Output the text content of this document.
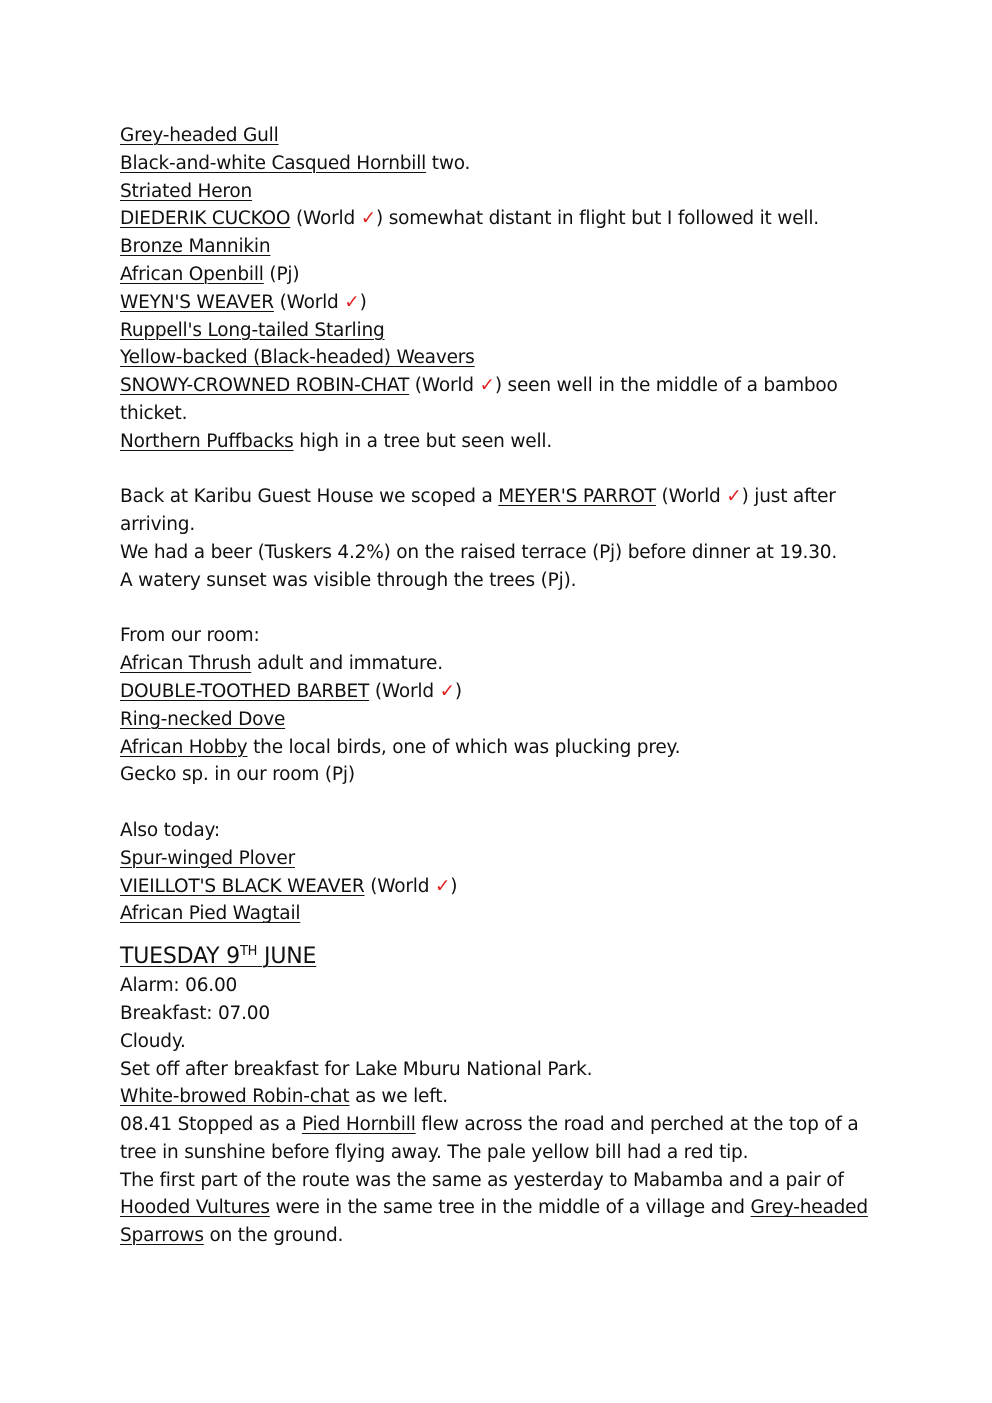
Grey-headed Gull
Black-and-white Casqued Hornbill two.
Striated Heron
DIEDERIK CUCKOO (World ✓) somewhat distant in flight but I followed it well.
Bronze Mannikin
African Openbill (Pj)
WEYN'S WEAVER (World ✓)
Ruppell's Long-tailed Starling
Yellow-backed (Black-headed) Weavers
SNOWY-CROWNED ROBIN-CHAT (World ✓) seen well in the middle of a bamboo thicket.
Northern Puffbacks high in a tree but seen well.
Back at Karibu Guest House we scoped a MEYER'S PARROT (World ✓) just after arriving.
We had a beer (Tuskers 4.2%) on the raised terrace (Pj) before dinner at 19.30.
A watery sunset was visible through the trees (Pj).
From our room:
African Thrush adult and immature.
DOUBLE-TOOTHED BARBET (World ✓)
Ring-necked Dove
African Hobby the local birds, one of which was plucking prey.
Gecko sp. in our room (Pj)
Also today:
Spur-winged Plover
VIEILLOT'S BLACK WEAVER (World ✓)
African Pied Wagtail
TUESDAY 9TH JUNE
Alarm: 06.00
Breakfast: 07.00
Cloudy.
Set off after breakfast for Lake Mburu National Park.
White-browed Robin-chat as we left.
08.41 Stopped as a Pied Hornbill flew across the road and perched at the top of a tree in sunshine before flying away. The pale yellow bill had a red tip.
The first part of the route was the same as yesterday to Mabamba and a pair of Hooded Vultures were in the same tree in the middle of a village and Grey-headed Sparrows on the ground.
